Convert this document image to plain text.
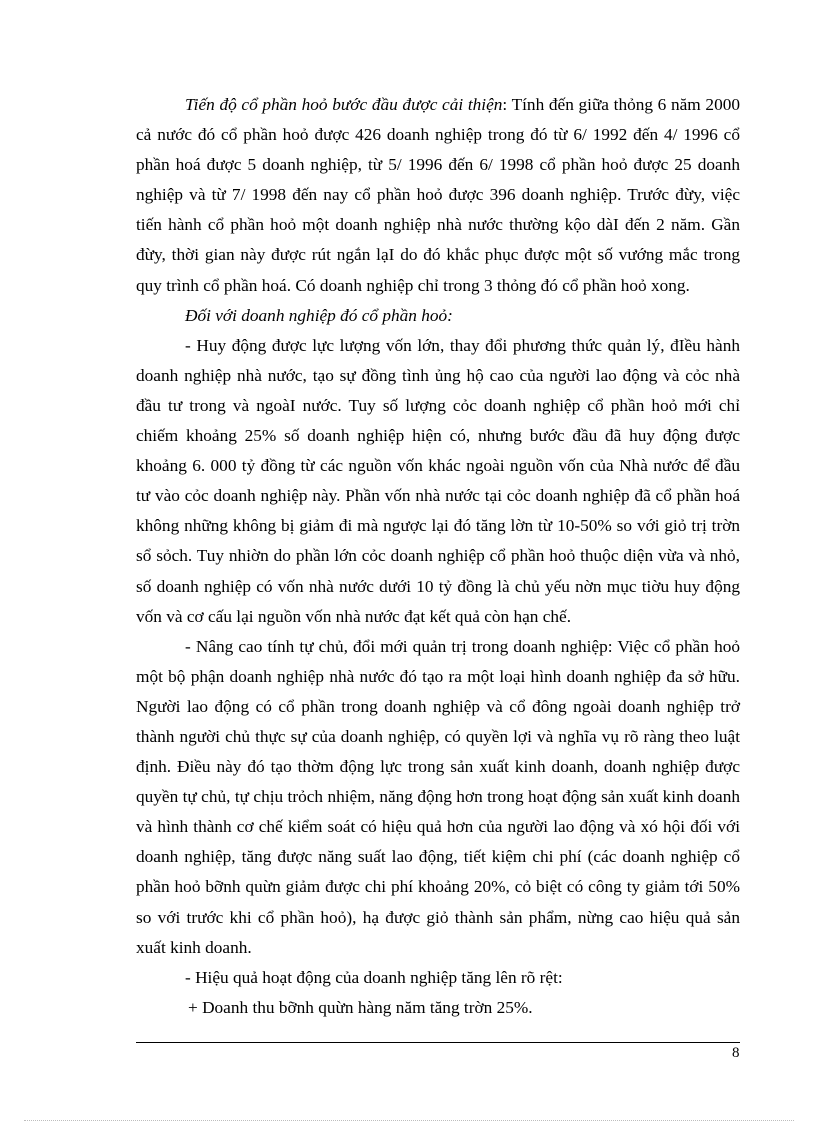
Tiến độ cổ phần hoỏ bước đầu được cải thiện: Tính đến giữa thỏng 6 năm 2000 cả nước đó cổ phần hoỏ được 426 doanh nghiệp trong đó từ 6/ 1992 đến 4/ 1996 cổ phần hoá được 5 doanh nghiệp, từ 5/ 1996 đến 6/ 1998 cổ phần hoỏ được 25 doanh nghiệp và từ 7/ 1998 đến nay cổ phần hoỏ được 396 doanh nghiệp. Trước đừy, việc tiến hành cổ phần hoỏ một doanh nghiệp nhà nước thường kộo dàI đến 2 năm. Gần đừy, thời gian này được rút ngắn lạI do đó khắc phục được một số vướng mắc trong quy trình cổ phần hoá. Có doanh nghiệp chỉ trong 3 thỏng đó cổ phần hoỏ xong.

Đối với doanh nghiệp đó cổ phần hoỏ:

- Huy động được lực lượng vốn lớn, thay đổi phương thức quản lý, đIều hành doanh nghiệp nhà nước, tạo sự đồng tình ủng hộ cao của người lao động và cỏc nhà đầu tư trong và ngoàI nước. Tuy số lượng cỏc doanh nghiệp cổ phần hoỏ mới chỉ chiếm khoảng 25% số doanh nghiệp hiện có, nhưng bước đầu đã huy động được khoảng 6. 000 tỷ đồng từ các nguồn vốn khác ngoài nguồn vốn của Nhà nước để đầu tư vào cỏc doanh nghiệp này. Phần vốn nhà nước tại cỏc doanh nghiệp đã cổ phần hoá không những không bị giảm đi mà ngược lại đó tăng lờn từ 10-50% so với giỏ trị trờn sổ sỏch. Tuy nhiờn do phần lớn cỏc doanh nghiệp cổ phần hoỏ thuộc diện vừa và nhỏ, số doanh nghiệp có vốn nhà nước dưới 10 tỷ đồng là chủ yếu nờn mục tiờu huy động vốn và cơ cấu lại nguồn vốn nhà nước đạt kết quả còn hạn chế.

- Nâng cao tính tự chủ, đổi mới quản trị trong doanh nghiệp: Việc cổ phần hoỏ một bộ phận doanh nghiệp nhà nước đó tạo ra một loại hình doanh nghiệp đa sở hữu. Người lao động có cổ phần trong doanh nghiệp và cổ đông ngoài doanh nghiệp trở thành người chủ thực sự của doanh nghiệp, có quyền lợi và nghĩa vụ rõ ràng theo luật định. Điều này đó tạo thờm động lực trong sản xuất kinh doanh, doanh nghiệp được quyền tự chủ, tự chịu trỏch nhiệm, năng động hơn trong hoạt động sản xuất kinh doanh và hình thành cơ chế kiểm soát có hiệu quả hơn của người lao động và xó hội đối với doanh nghiệp, tăng được năng suất lao động, tiết kiệm chi phí (các doanh nghiệp cổ phần hoỏ bỡnh quừn giảm được chi phí khoảng 20%, cỏ biệt có công ty giảm tới 50% so với trước khi cổ phần hoỏ), hạ được giỏ thành sản phẩm, nừng cao hiệu quả sản xuất kinh doanh.

- Hiệu quả hoạt động của doanh nghiệp tăng lên rõ rệt:

+ Doanh thu bỡnh quừn hàng năm tăng trờn 25%.

8
